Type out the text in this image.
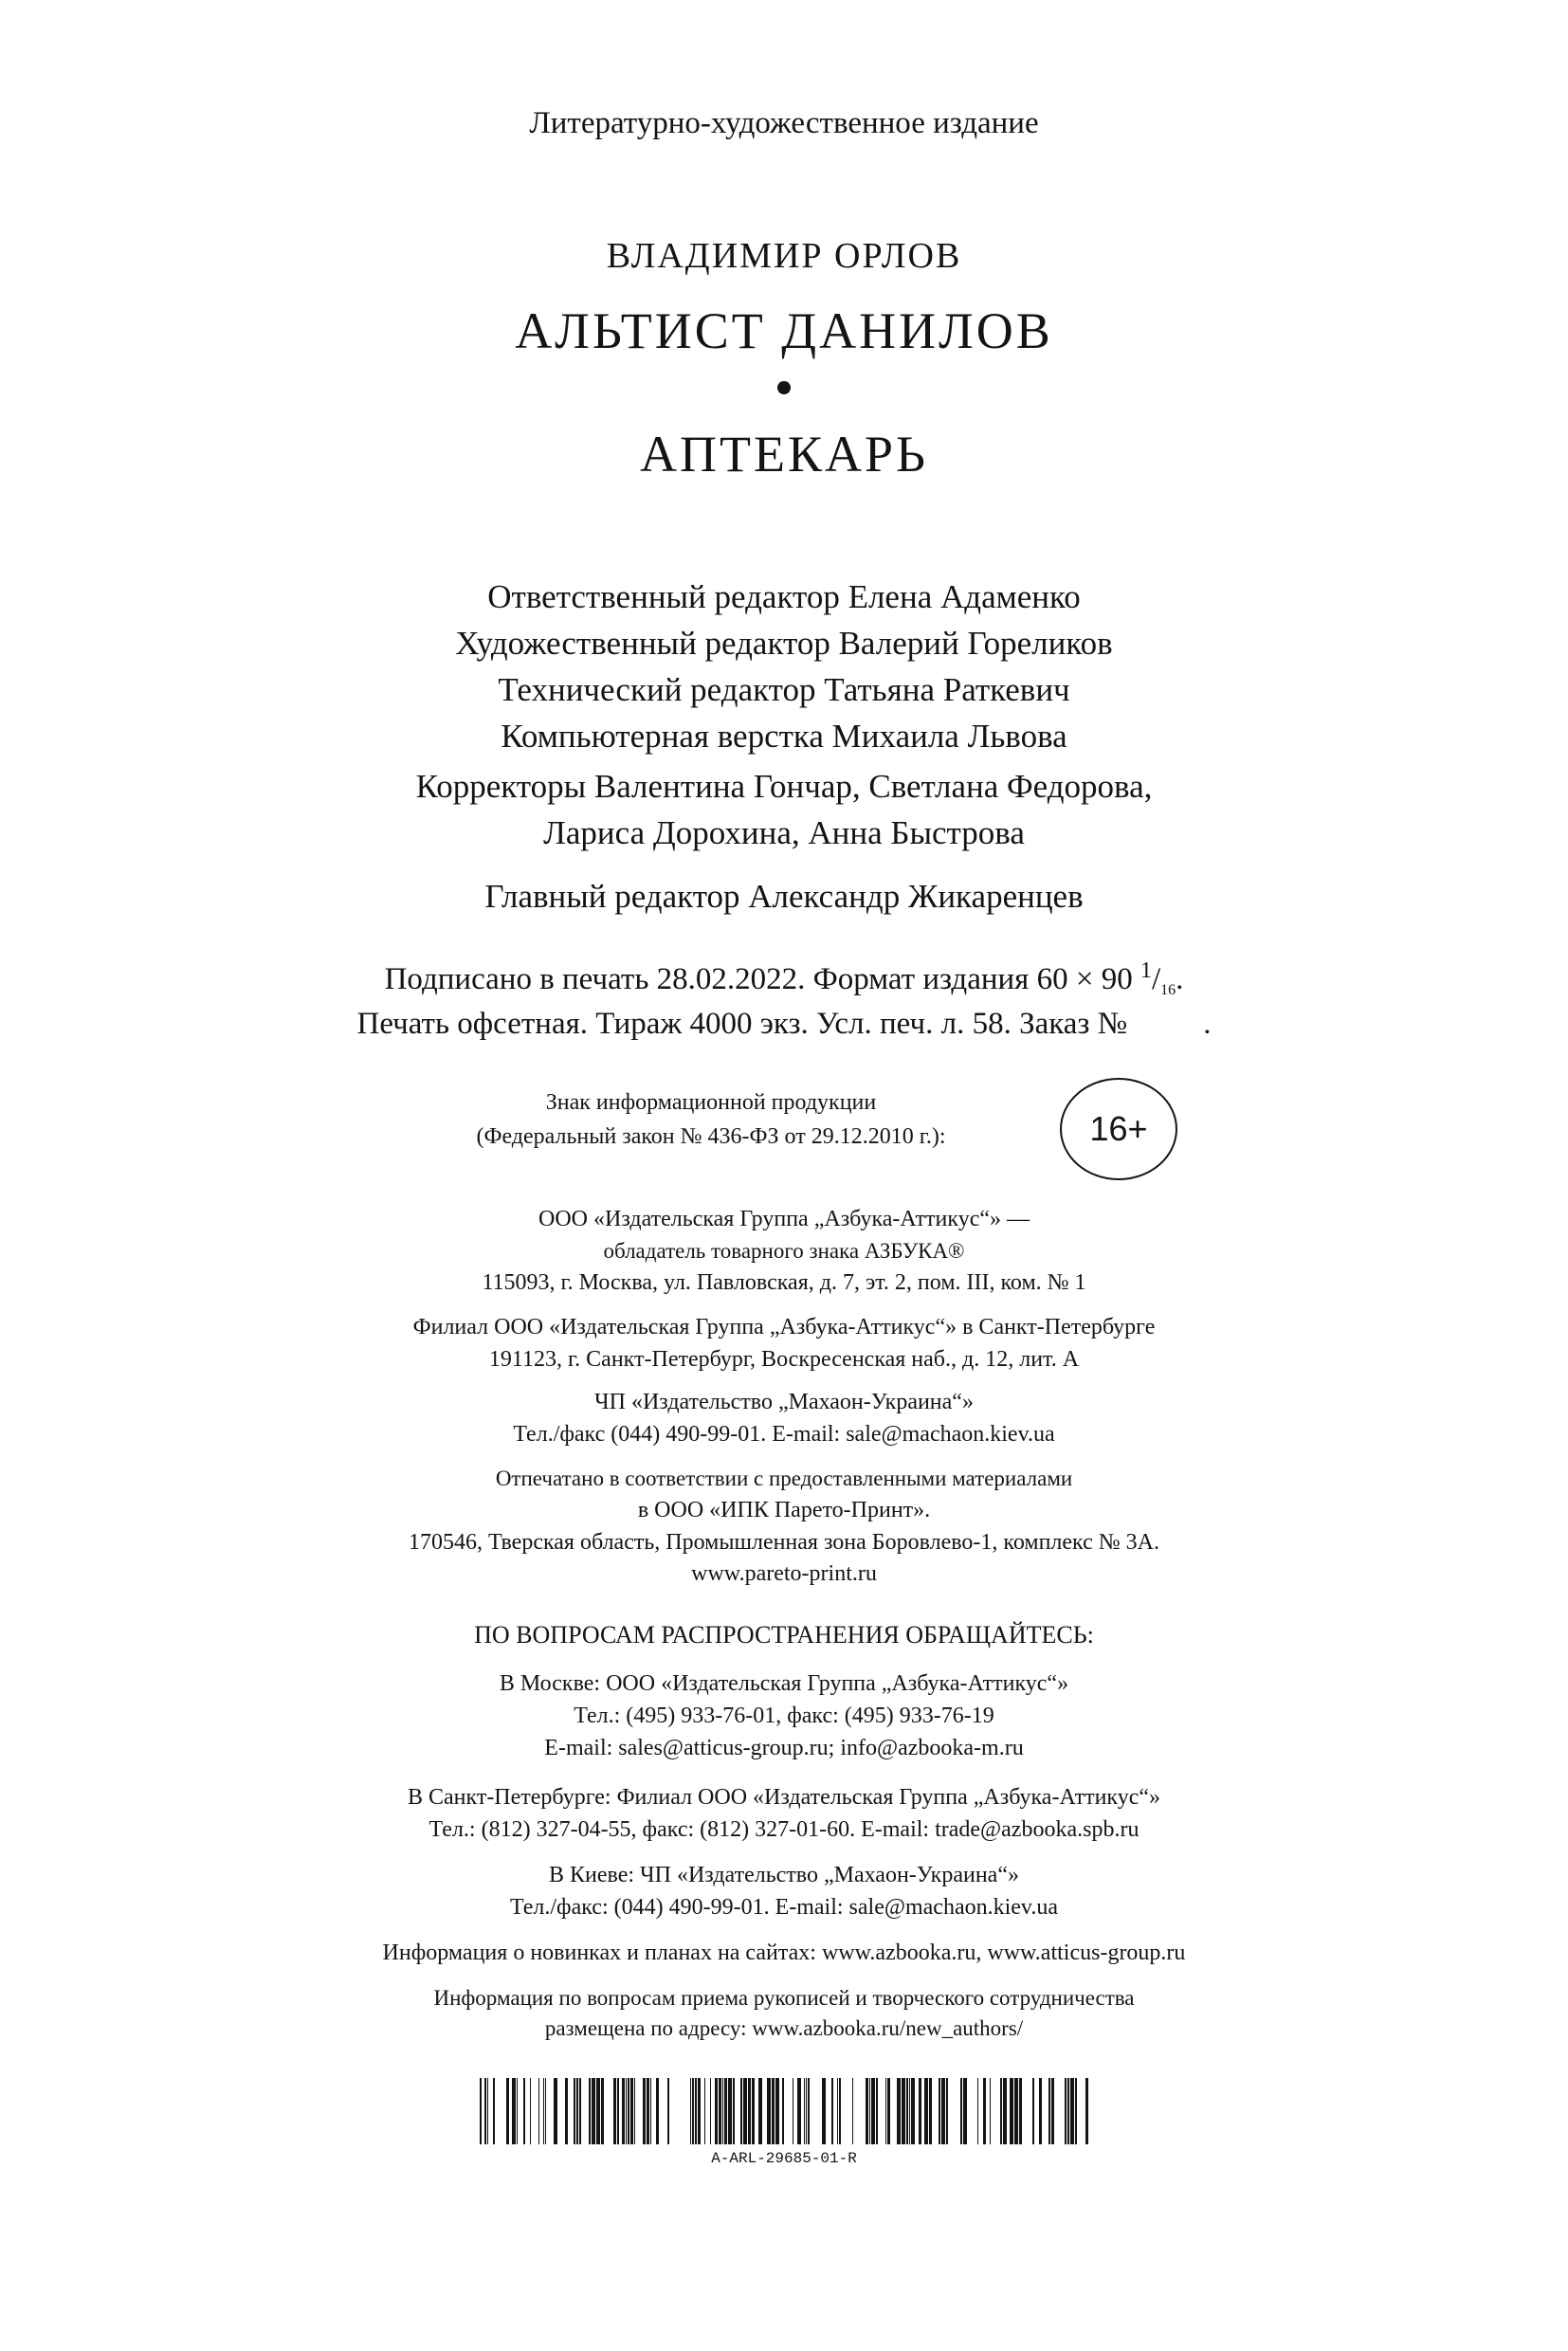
Литературно-художественное издание
ВЛАДИМИР ОРЛОВ
АЛЬТИСТ ДАНИЛОВ
АПТЕКАРЬ
Ответственный редактор Елена Адаменко
Художественный редактор Валерий Гореликов
Технический редактор Татьяна Раткевич
Компьютерная верстка Михаила Львова
Корректоры Валентина Гончар, Светлана Федорова,
Лариса Дорохина, Анна Быстрова
Главный редактор Александр Жикаренцев
Подписано в печать 28.02.2022. Формат издания 60 × 90 $^1$/16.
Печать офсетная. Тираж 4000 экз. Усл. печ. л. 58. Заказ № .
Знак информационной продукции
(Федеральный закон № 436-ФЗ от 29.12.2010 г.):	16+
ООО «Издательская Группа „Азбука-Аттикус“» —
обладатель товарного знака АЗБУКА®
115093, г. Москва, ул. Павловская, д. 7, эт. 2, пом. III, ком. № 1
Филиал ООО «Издательская Группа „Азбука-Аттикус“» в Санкт-Петербурге
191123, г. Санкт-Петербург, Воскресенская наб., д. 12, лит. А
ЧП «Издательство „Махаон-Украина“»
Тел./факс (044) 490-99-01. E-mail: sale@machaon.kiev.ua
Отпечатано в соответствии с предоставленными материалами
в ООО «ИПК Парето-Принт».
170546, Тверская область, Промышленная зона Боровлево-1, комплекс № 3А.
www.pareto-print.ru
ПО ВОПРОСАМ РАСПРОСТРАНЕНИЯ ОБРАЩАЙТЕСЬ:
В Москве: ООО «Издательская Группа „Азбука-Аттикус“»
Тел.: (495) 933-76-01, факс: (495) 933-76-19
E-mail: sales@atticus-group.ru; info@azbooka-m.ru
В Санкт-Петербурге: Филиал ООО «Издательская Группа „Азбука-Аттикус“»
Тел.: (812) 327-04-55, факс: (812) 327-01-60. E-mail: trade@azbooka.spb.ru
В Киеве: ЧП «Издательство „Махаон-Украина“»
Тел./факс: (044) 490-99-01. E-mail: sale@machaon.kiev.ua
Информация о новинках и планах на сайтах: www.azbooka.ru, www.atticus-group.ru
Информация по вопросам приема рукописей и творческого сотрудничества
размещена по адресу: www.azbooka.ru/new_authors/
A-ARL-29685-01-R
